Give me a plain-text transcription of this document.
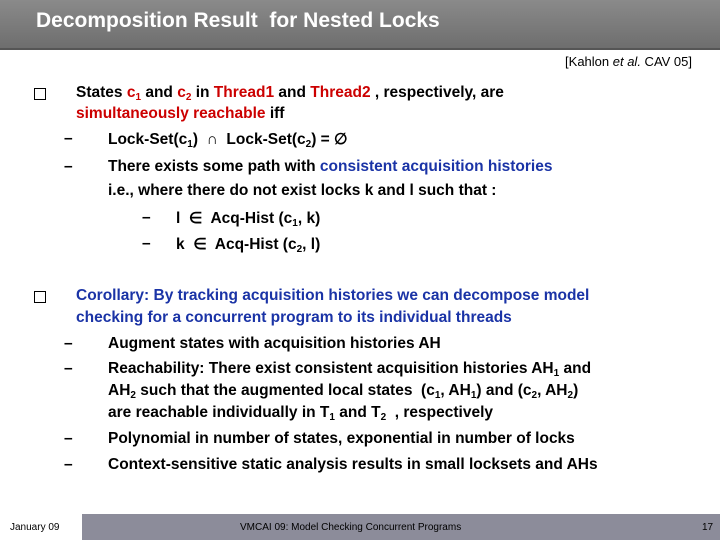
Decomposition Result  for Nested Locks
[Kahlon et al. CAV 05]
States $c_1$ and $c_2$ in Thread1 and Thread2 , respectively, are
simultaneously reachable iff
– Lock-$Set(c_1)$  ∩  Lock-$Set(c_2)$ = ∅
– There exists some path with consistent acquisition histories
i.e., where there do not exist locks k and l such that :
– l  ∈  Acq-Hist ($c_1$, k)
– k  ∈  Acq-Hist ($c_2$, l)
Corollary: By tracking acquisition histories we can decompose model
checking for a concurrent program to its individual threads
– Augment states with acquisition histories AH
– Reachability: There exist consistent acquisition histories $AH_1$ and
$AH_2$ such that the augmented local states  ($c_1$, $AH_1$) and ($c_2$, $AH_2$)
are reachable individually in $T_1$ and $T_2$  , respectively
– Polynomial in number of states, exponential in number of locks
– Context-sensitive static analysis results in small locksets and AHs
January 09	VMCAI 09: Model Checking Concurrent Programs	17
